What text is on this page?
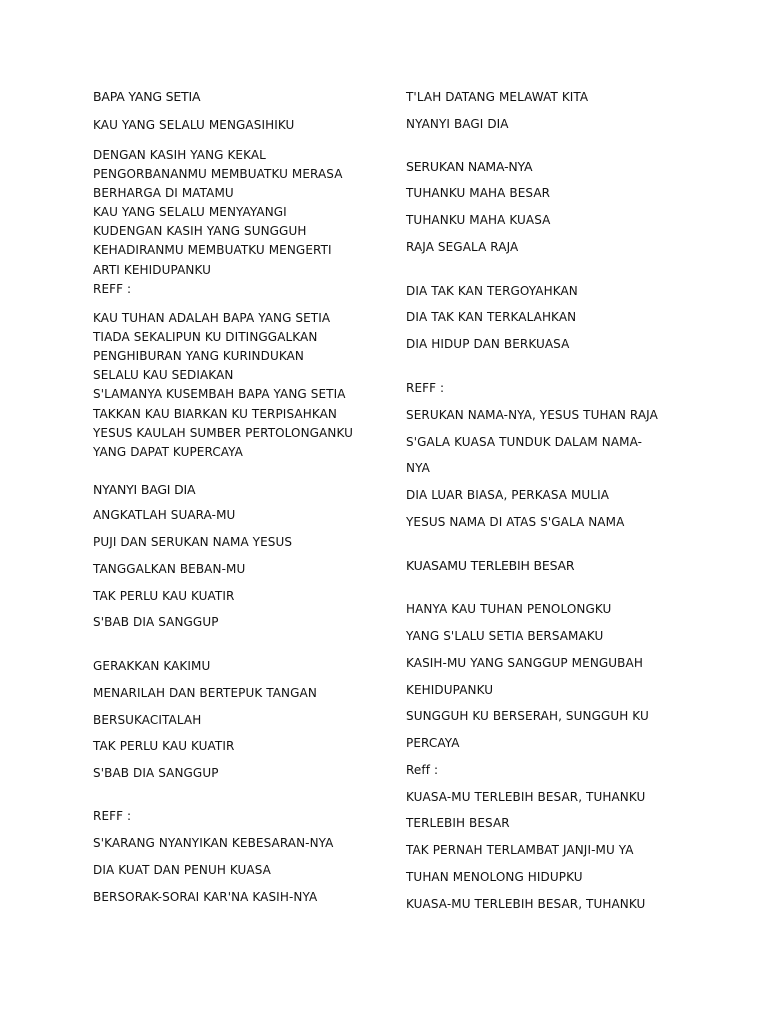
BAPA YANG SETIA
KAU YANG SELALU MENGASIHIKU
DENGAN KASIH YANG KEKAL
PENGORBANANMU MEMBUATKU MERASA
BERHARGA DI MATAMU
KAU YANG SELALU MENYAYANGI
KUDENGAN KASIH YANG SUNGGUH
KEHADIRANMU MEMBUATKU MENGERTI
ARTI KEHIDUPANKU
REFF :
KAU TUHAN ADALAH BAPA YANG SETIA
TIADA SEKALIPUN KU DITINGGALKAN
PENGHIBURAN YANG KURINDUKAN
SELALU KAU SEDIAKAN
S'LAMANYA KUSEMBAH BAPA YANG SETIA
TAKKAN KAU BIARKAN KU TERPISAHKAN
YESUS KAULAH SUMBER PERTOLONGANKU
YANG DAPAT KUPERCAYA
NYANYI BAGI DIA
ANGKATLAH SUARA-MU
PUJI DAN SERUKAN NAMA YESUS
TANGGALKAN BEBAN-MU
TAK PERLU KAU KUATIR
S'BAB DIA SANGGUP
GERAKKAN KAKIMU
MENARILAH DAN BERTEPUK TANGAN
BERSUKACITALAH
TAK PERLU KAU KUATIR
S'BAB DIA SANGGUP
REFF :
S'KARANG NYANYIKAN KEBESARAN-NYA
DIA KUAT DAN PENUH KUASA
BERSORAK-SORAI KAR'NA KASIH-NYA
T'LAH DATANG MELAWAT KITA
NYANYI BAGI DIA
SERUKAN NAMA-NYA
TUHANKU MAHA BESAR
TUHANKU MAHA KUASA
RAJA SEGALA RAJA
DIA TAK KAN TERGOYAHKAN
DIA TAK KAN TERKALAHKAN
DIA HIDUP DAN BERKUASA
REFF :
SERUKAN NAMA-NYA, YESUS TUHAN RAJA
S'GALA KUASA TUNDUK DALAM NAMA-
NYA
DIA LUAR BIASA, PERKASA MULIA
YESUS NAMA DI ATAS S'GALA NAMA
KUASAMU TERLEBIH BESAR
HANYA KAU TUHAN PENOLONGKU
YANG S'LALU SETIA BERSAMAKU
KASIH-MU YANG SANGGUP MENGUBAH
KEHIDUPANKU
SUNGGUH KU BERSERAH, SUNGGUH KU
PERCAYA
Reff :
KUASA-MU TERLEBIH BESAR, TUHANKU
TERLEBIH BESAR
TAK PERNAH TERLAMBAT JANJI-MU YA
TUHAN MENOLONG HIDUPKU
KUASA-MU TERLEBIH BESAR, TUHANKU
